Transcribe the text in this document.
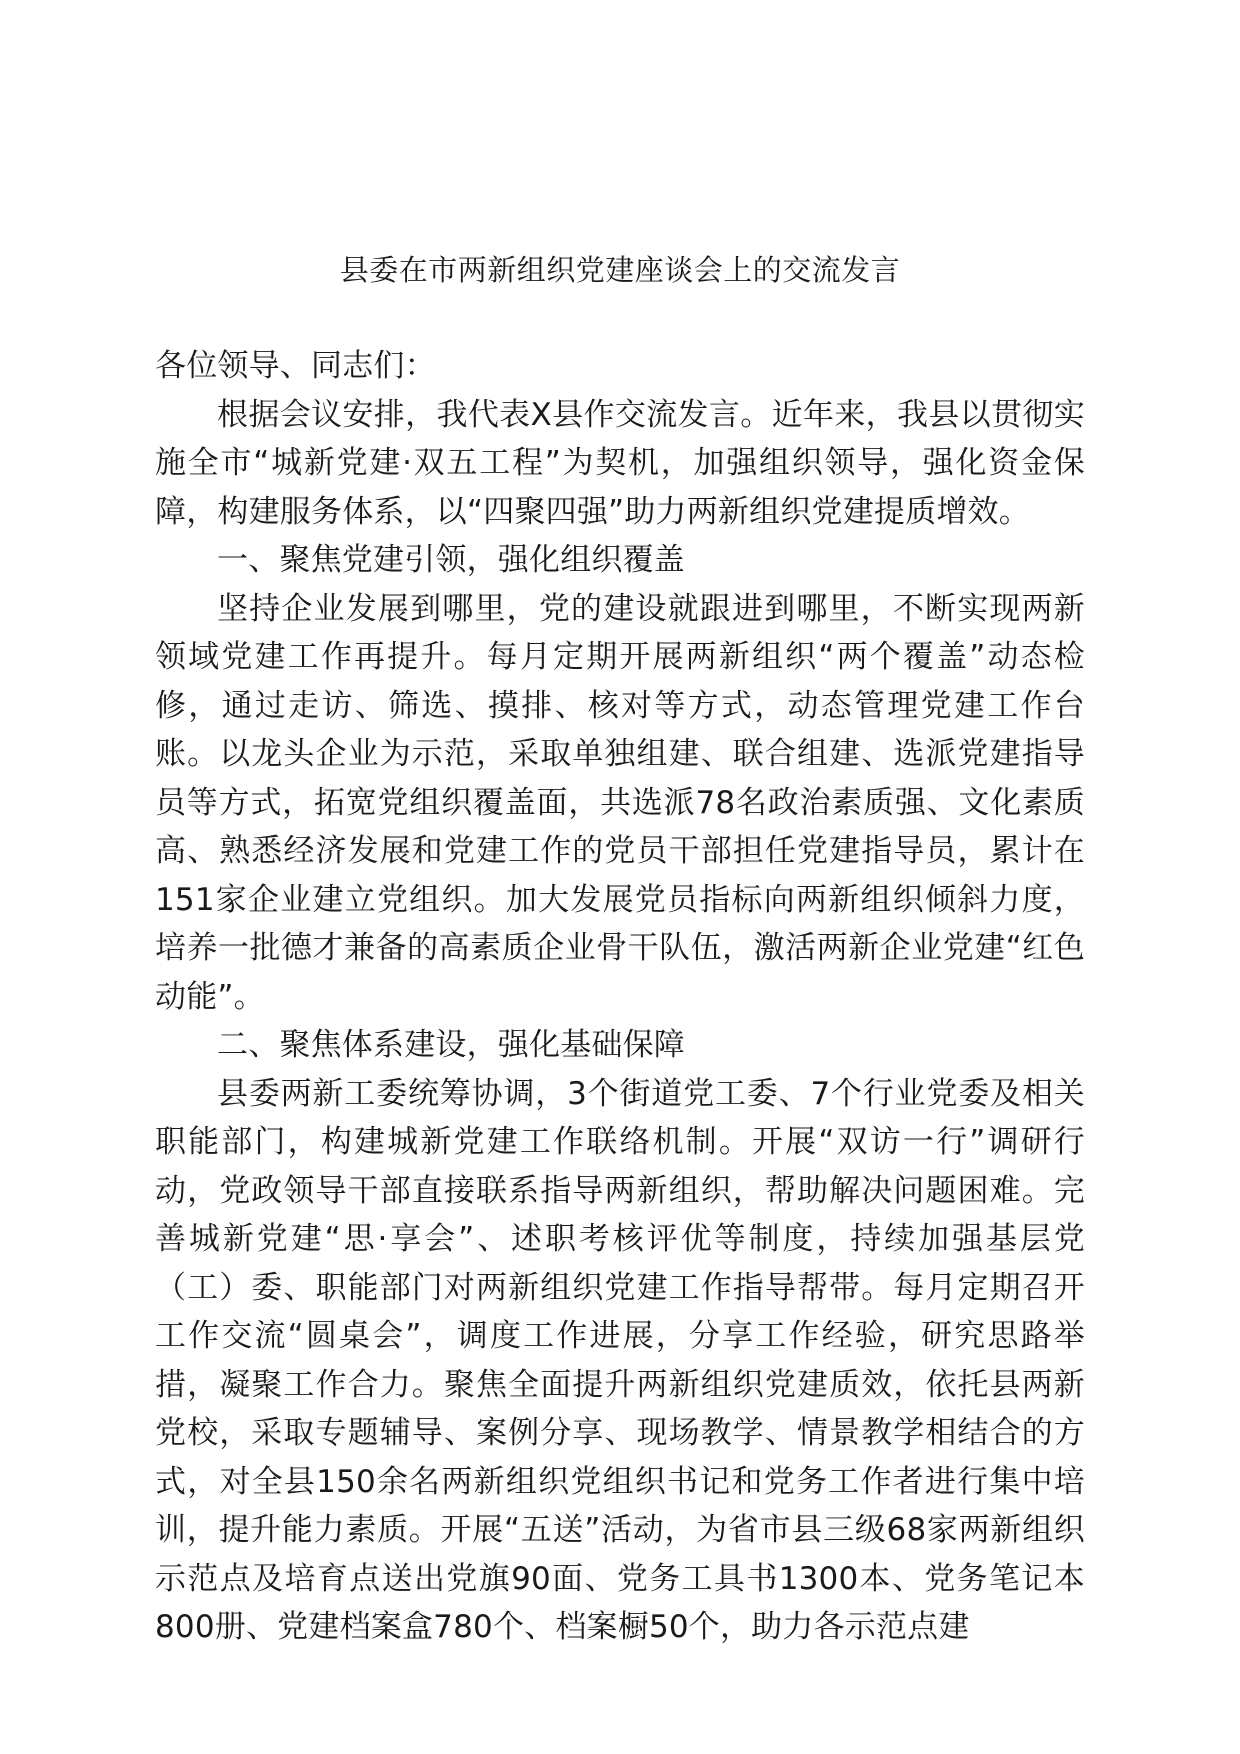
县委在市两新组织党建座谈会上的交流发言

各位领导、同志们：

根据会议安排，我代表X县作交流发言。近年来，我县以贯彻实施全市“城新党建·双五工程”为契机，加强组织领导，强化资金保障，构建服务体系，以“四聚四强”助力两新组织党建提质增效。

一、聚焦党建引领，强化组织覆盖

坚持企业发展到哪里，党的建设就跟进到哪里，不断实现两新领域党建工作再提升。每月定期开展两新组织“两个覆盖”动态检修，通过走访、筛选、摸排、核对等方式，动态管理党建工作台账。以龙头企业为示范，采取单独组建、联合组建、选派党建指导员等方式，拓宽党组织覆盖面，共选派78名政治素质强、文化素质高、熟悉经济发展和党建工作的党员干部担任党建指导员，累计在151家企业建立党组织。加大发展党员指标向两新组织倾斜力度，培养一批德才兼备的高素质企业骨干队伍，激活两新企业党建“红色动能”。

二、聚焦体系建设，强化基础保障

县委两新工委统筹协调，3个街道党工委、7个行业党委及相关职能部门，构建城新党建工作联络机制。开展“双访一行”调研行动，党政领导干部直接联系指导两新组织，帮助解决问题困难。完善城新党建“思·享会”、述职考核评优等制度，持续加强基层党（工）委、职能部门对两新组织党建工作指导帮带。每月定期召开工作交流“圆桌会”，调度工作进展，分享工作经验，研究思路举措，凝聚工作合力。聚焦全面提升两新组织党建质效，依托县两新党校，采取专题辅导、案例分享、现场教学、情景教学相结合的方式，对全县150余名两新组织党组织书记和党务工作者进行集中培训，提升能力素质。开展“五送”活动，为省市县三级68家两新组织示范点及培育点送出党旗90面、党务工具书1300本、党务笔记本800册、党建档案盒780个、档案橱50个，助力各示范点建
